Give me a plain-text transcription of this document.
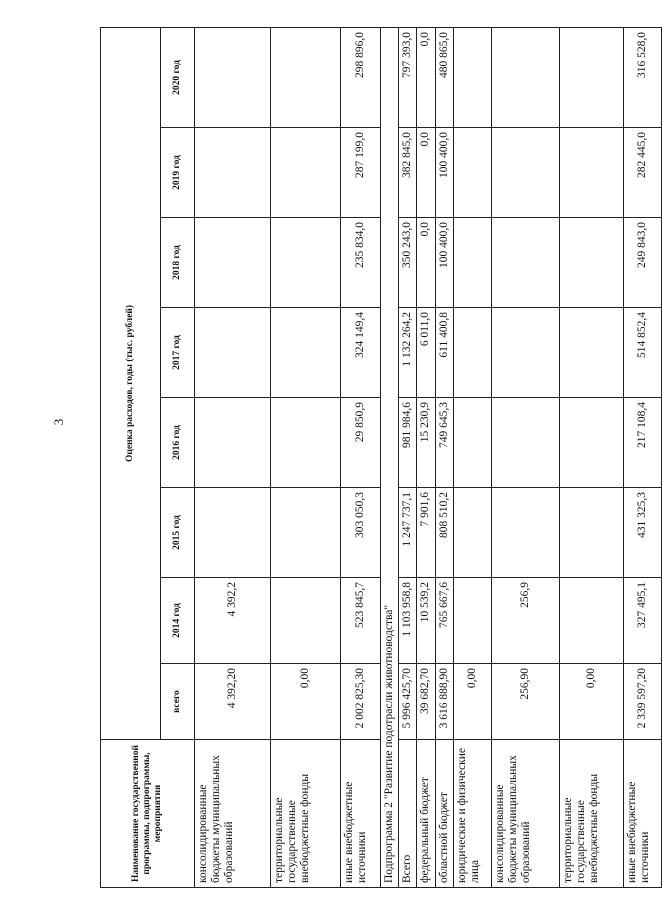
3
Наименование государственной программы, подпрограммы, мероприятия	Оценка расходов, годы (тыс. рублей)							
	всего	2014 год	2015 год	2016 год	2017 год	2018 год	2019 год	2020 год
консолидированные бюджеты муниципальных образований	4 392,20	4 392,2						
территориальные государственные внебюджетные фонды	0,00							
иные внебюджетные источники	2 002 825,30	523 845,7	303 050,3	29 850,9	324 149,4	235 834,0	287 199,0	298 896,0
Подпрограмма 2 "Развитие подотрасли животноводства"								
Всего	5 996 425,70	1 103 958,8	1 247 737,1	981 984,6	1 132 264,2	350 243,0	382 845,0	797 393,0
федеральный бюджет	39 682,70	10 539,2	7 901,6	15 230,9	6 011,0	0,0	0,0	0,0
областной бюджет	3 616 888,90	765 667,6	808 510,2	749 645,3	611 400,8	100 400,0	100 400,0	480 865,0
юридические и физические лица	0,00							
консолидированные бюджеты муниципальных образований	256,90	256,9						
территориальные государственные внебюджетные фонды	0,00							
иные внебюджетные источники	2 339 597,20	327 495,1	431 325,3	217 108,4	514 852,4	249 843,0	282 445,0	316 528,0
